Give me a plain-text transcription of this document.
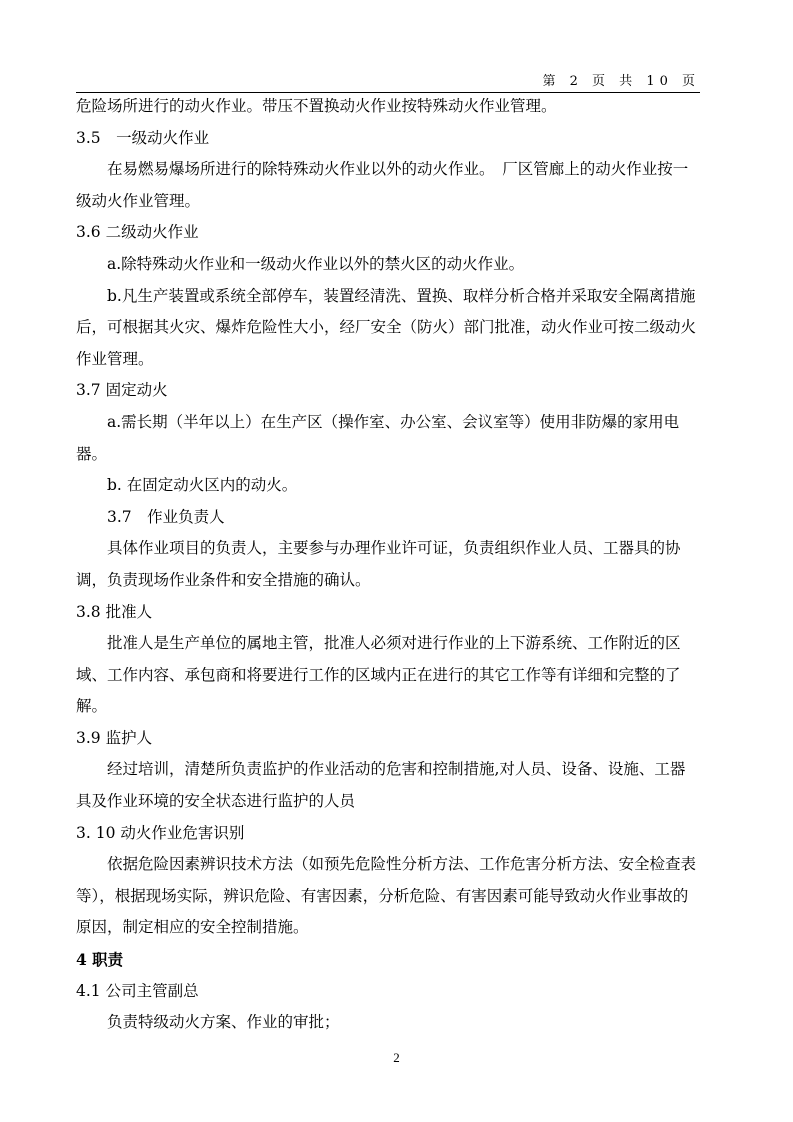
第 2 页 共 10 页

危险场所进行的动火作业。带压不置换动火作业按特殊动火作业管理。

3.5　一级动火作业

在易燃易爆场所进行的除特殊动火作业以外的动火作业。　厂区管廊上的动火作业按一级动火作业管理。

3.6 二级动火作业

a.除特殊动火作业和一级动火作业以外的禁火区的动火作业。

b.凡生产装置或系统全部停车，装置经清洗、置换、取样分析合格并采取安全隔离措施后，可根据其火灾、爆炸危险性大小，经厂安全（防火）部门批准，动火作业可按二级动火作业管理。

3.7 固定动火

a.需长期（半年以上）在生产区（操作室、办公室、会议室等）使用非防爆的家用电器。

b. 在固定动火区内的动火。

3.7　作业负责人

具体作业项目的负责人，主要参与办理作业许可证，负责组织作业人员、工器具的协调，负责现场作业条件和安全措施的确认。

3.8 批准人

批准人是生产单位的属地主管，批准人必须对进行作业的上下游系统、工作附近的区域、工作内容、承包商和将要进行工作的区域内正在进行的其它工作等有详细和完整的了解。

3.9 监护人

经过培训，清楚所负责监护的作业活动的危害和控制措施,对人员、设备、设施、工器具及作业环境的安全状态进行监护的人员

3. 10 动火作业危害识别

依据危险因素辨识技术方法（如预先危险性分析方法、工作危害分析方法、安全检查表等），根据现场实际，辨识危险、有害因素，分析危险、有害因素可能导致动火作业事故的原因，制定相应的安全控制措施。

4 职责

4.1 公司主管副总

负责特级动火方案、作业的审批；

2
